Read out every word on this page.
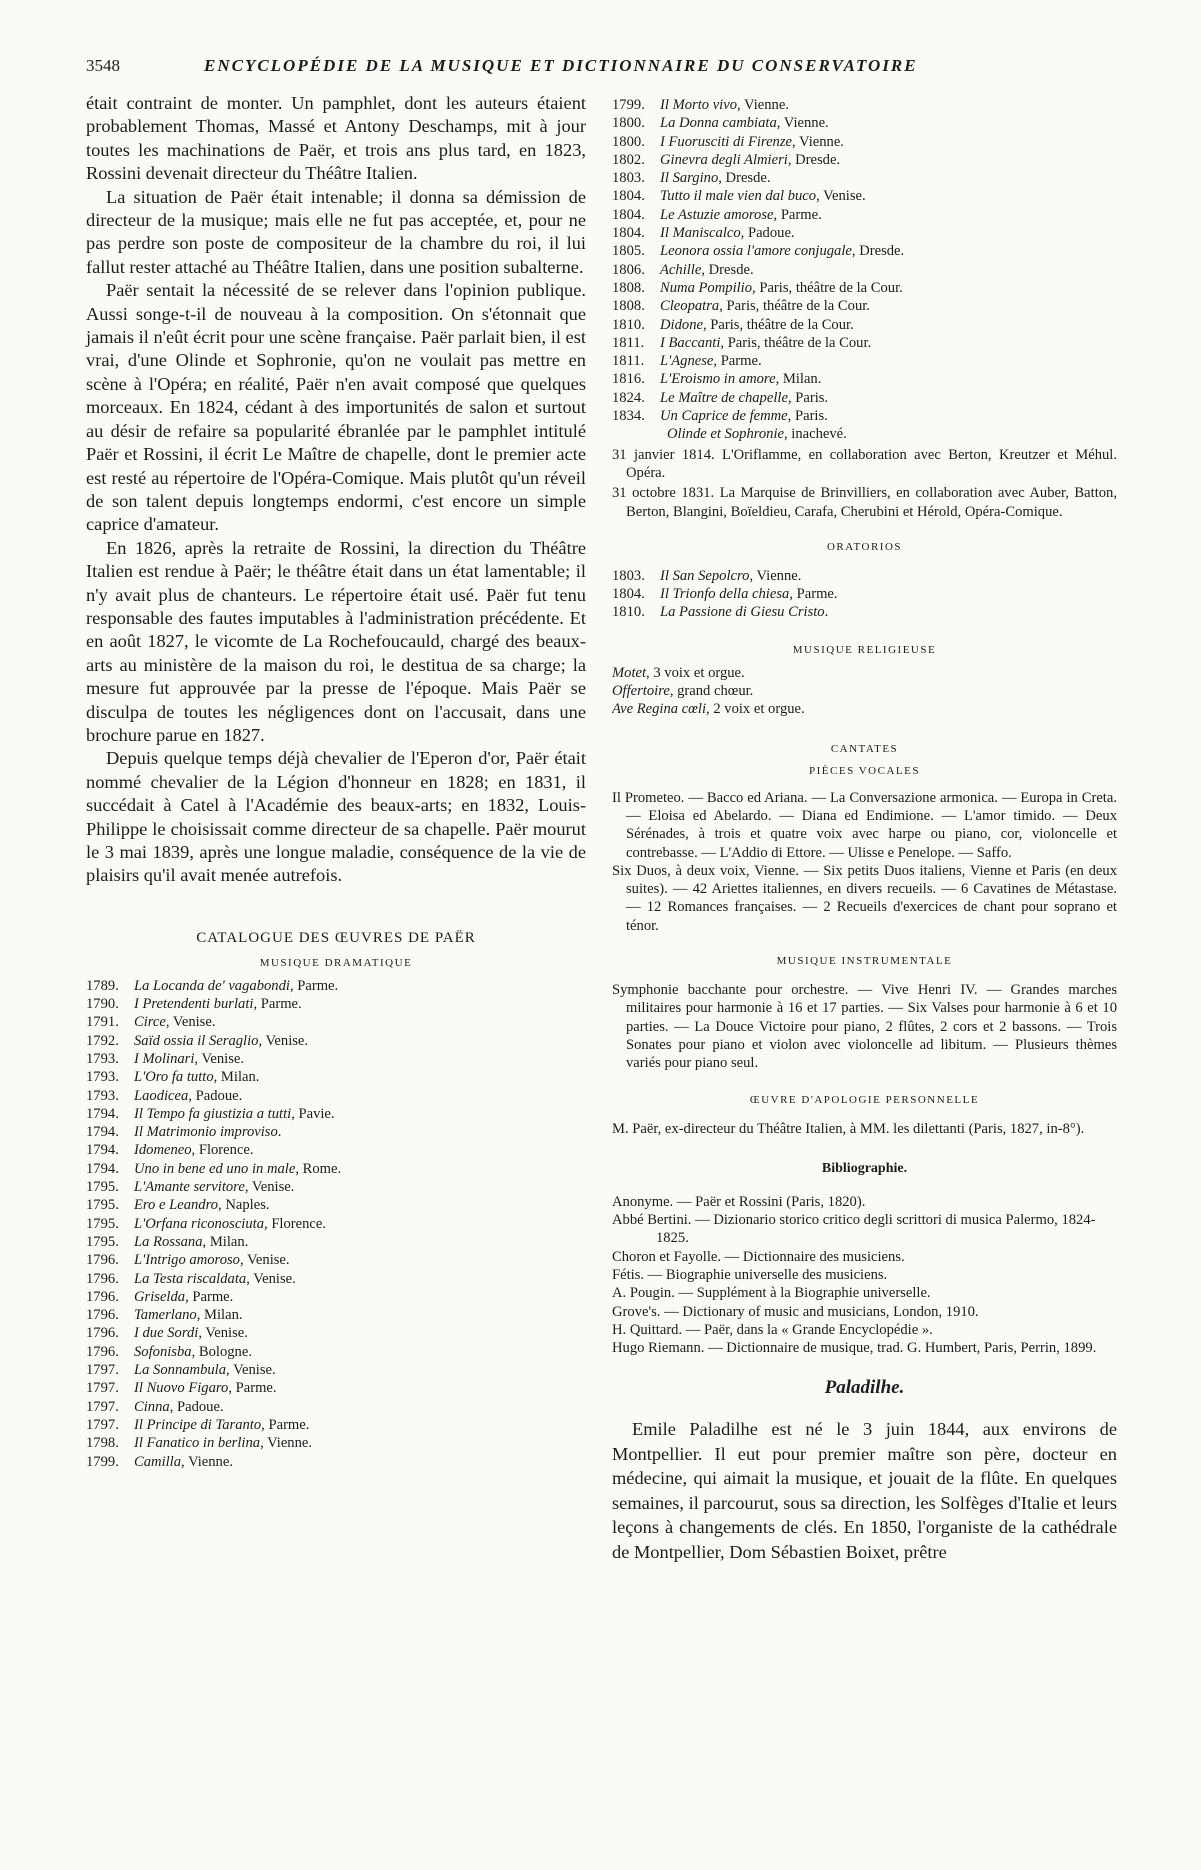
3548	ENCYCLOPÉDIE DE LA MUSIQUE ET DICTIONNAIRE DU CONSERVATOIRE

était contraint de monter. Un pamphlet, dont les auteurs étaient probablement Thomas, Massé et Antony Deschamps, mit à jour toutes les machinations de Paër, et trois ans plus tard, en 1823, Rossini devenait directeur du Théâtre Italien.

La situation de Paër était intenable; il donna sa démission de directeur de la musique; mais elle ne fut pas acceptée, et, pour ne pas perdre son poste de compositeur de la chambre du roi, il lui fallut rester attaché au Théâtre Italien, dans une position subalterne.

Paër sentait la nécessité de se relever dans l'opinion publique. Aussi songe-t-il de nouveau à la composition. On s'étonnait que jamais il n'eût écrit pour une scène française. Paër parlait bien, il est vrai, d'une Olinde et Sophronie, qu'on ne voulait pas mettre en scène à l'Opéra; en réalité, Paër n'en avait composé que quelques morceaux. En 1824, cédant à des importunités de salon et surtout au désir de refaire sa popularité ébranlée par le pamphlet intitulé Paër et Rossini, il écrit Le Maître de chapelle, dont le premier acte est resté au répertoire de l'Opéra-Comique. Mais plutôt qu'un réveil de son talent depuis longtemps endormi, c'est encore un simple caprice d'amateur.

En 1826, après la retraite de Rossini, la direction du Théâtre Italien est rendue à Paër; le théâtre était dans un état lamentable; il n'y avait plus de chanteurs. Le répertoire était usé. Paër fut tenu responsable des fautes imputables à l'administration précédente. Et en août 1827, le vicomte de La Rochefoucauld, chargé des beaux-arts au ministère de la maison du roi, le destitua de sa charge; la mesure fut approuvée par la presse de l'époque. Mais Paër se disculpa de toutes les négligences dont on l'accusait, dans une brochure parue en 1827.

Depuis quelque temps déjà chevalier de l'Eperon d'or, Paër était nommé chevalier de la Légion d'honneur en 1828; en 1831, il succédait à Catel à l'Académie des beaux-arts; en 1832, Louis-Philippe le choisissait comme directeur de sa chapelle. Paër mourut le 3 mai 1839, après une longue maladie, conséquence de la vie de plaisirs qu'il avait menée autrefois.

CATALOGUE DES ŒUVRES DE PAËR
MUSIQUE DRAMATIQUE
1789. La Locanda de' vagabondi, Parme.
1790. I Pretendenti burlati, Parme.
1791. Circe, Venise.
1792. Saïd ossia il Seraglio, Venise.
1793. I Molinari, Venise.
1793. L'Oro fa tutto, Milan.
1793. Laodicea, Padoue.
1794. Il Tempo fa giustizia a tutti, Pavie.
1794. Il Matrimonio improviso.
1794. Idomeneo, Florence.
1794. Uno in bene ed uno in male, Rome.
1795. L'Amante servitore, Venise.
1795. Ero e Leandro, Naples.
1795. L'Orfana riconosciuta, Florence.
1795. La Rossana, Milan.
1796. L'Intrigo amoroso, Venise.
1796. La Testa riscaldata, Venise.
1796. Griselda, Parme.
1796. Tamerlano, Milan.
1796. I due Sordi, Venise.
1796. Sofonisba, Bologne.
1797. La Sonnambula, Venise.
1797. Il Nuovo Figaro, Parme.
1797. Cinna, Padoue.
1797. Il Principe di Taranto, Parme.
1798. Il Fanatico in berlina, Vienne.
1799. Camilla, Vienne.
1799. Il Morto vivo, Vienne.
1800. La Donna cambiata, Vienne.
1800. I Fuorusciti di Firenze, Vienne.
1802. Ginevra degli Almieri, Dresde.
1803. Il Sargino, Dresde.
1804. Tutto il male vien dal buco, Venise.
1804. Le Astuzie amorose, Parme.
1804. Il Maniscalco, Padoue.
1805. Leonora ossia l'amore conjugale, Dresde.
1806. Achille, Dresde.
1808. Numa Pompilio, Paris, théâtre de la Cour.
1808. Cleopatra, Paris, théâtre de la Cour.
1810. Didone, Paris, théâtre de la Cour.
1811. I Baccanti, Paris, théâtre de la Cour.
1811. L'Agnese, Parme.
1816. L'Eroismo in amore, Milan.
1824. Le Maître de chapelle, Paris.
1834. Un Caprice de femme, Paris.
Olinde et Sophronie, inachevé.
31 janvier 1814. L'Oriflamme, en collaboration avec Berton, Kreutzer et Méhul. Opéra.
31 octobre 1831. La Marquise de Brinvilliers, en collaboration avec Auber, Batton, Berton, Blangini, Boïeldieu, Carafa, Cherubini et Hérold, Opéra-Comique.
ORATORIOS
1803. Il San Sepolcro, Vienne.
1804. Il Trionfo della chiesa, Parme.
1810. La Passione di Giesu Cristo.
MUSIQUE RELIGIEUSE
Motet, 3 voix et orgue.
Offertoire, grand chœur.
Ave Regina cœli, 2 voix et orgue.
CANTATES
PIÈCES VOCALES
Il Prometeo. — Bacco ed Ariana. — La Conversazione armonica. — Europa in Creta. — Eloisa ed Abelardo. — Diana ed Endimione. — L'amor timido. — Deux Sérénades, à trois et quatre voix avec harpe ou piano, cor, violoncelle et contrebasse. — L'Addio di Ettore. — Ulisse e Penelope. — Saffo.
Six Duos, à deux voix, Vienne. — Six petits Duos italiens, Vienne et Paris (en deux suites). — 42 Ariettes italiennes, en divers recueils. — 6 Cavatines de Métastase. — 12 Romances françaises. — 2 Recueils d'exercices de chant pour soprano et ténor.
MUSIQUE INSTRUMENTALE
Symphonie bacchante pour orchestre. — Vive Henri IV. — Grandes marches militaires pour harmonie à 16 et 17 parties. — Six Valses pour harmonie à 6 et 10 parties. — La Douce Victoire pour piano, 2 flûtes, 2 cors et 2 bassons. — Trois Sonates pour piano et violon avec violoncelle ad libitum. — Plusieurs thèmes variés pour piano seul.
ŒUVRE D'APOLOGIE PERSONNELLE
M. Paër, ex-directeur du Théâtre Italien, à MM. les dilettanti (Paris, 1827, in-8°).
Bibliographie.
Anonyme. — Paër et Rossini (Paris, 1820).
Abbé Bertini. — Dizionario storico critico degli scrittori di musica Palermo, 1824-1825.
Choron et Fayolle. — Dictionnaire des musiciens.
Fétis. — Biographie universelle des musiciens.
A. Pougin. — Supplément à la Biographie universelle.
Grove's. — Dictionary of music and musicians, London, 1910.
H. Quittard. — Paër, dans la « Grande Encyclopédie ».
Hugo Riemann. — Dictionnaire de musique, trad. G. Humbert, Paris, Perrin, 1899.
Paladilhe.

Emile Paladilhe est né le 3 juin 1844, aux environs de Montpellier. Il eut pour premier maître son père, docteur en médecine, qui aimait la musique, et jouait de la flûte. En quelques semaines, il parcourut, sous sa direction, les Solfèges d'Italie et leurs leçons à changements de clés. En 1850, l'organiste de la cathédrale de Montpellier, Dom Sébastien Boixet, prêtre
